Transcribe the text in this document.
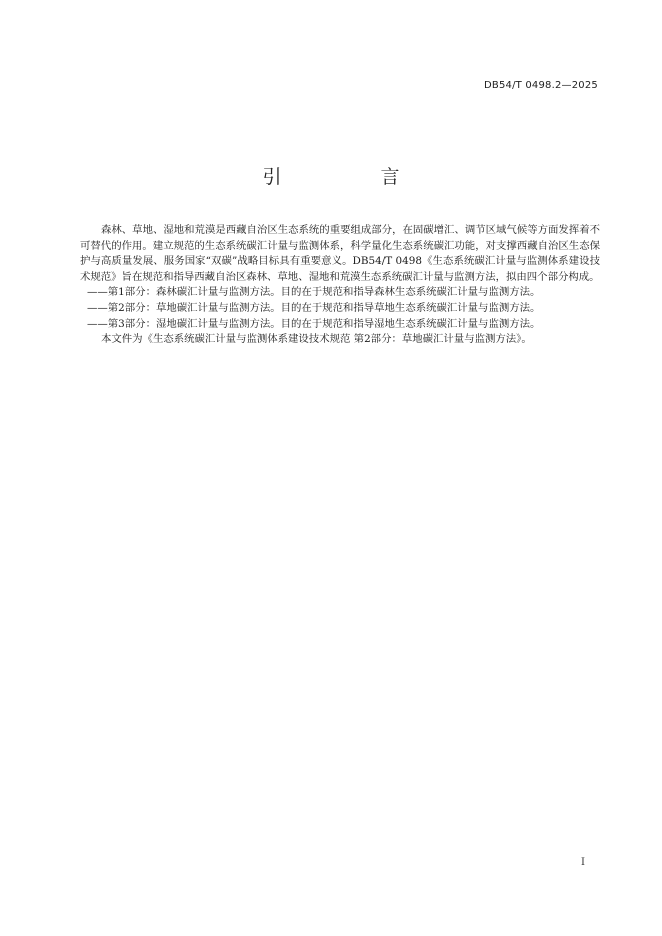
DB54/T 0498.2—2025
引　言

森林、草地、湿地和荒漠是西藏自治区生态系统的重要组成部分，在固碳增汇、调节区域气候等方面发挥着不可替代的作用。建立规范的生态系统碳汇计量与监测体系，科学量化生态系统碳汇功能，对支撑西藏自治区生态保护与高质量发展、服务国家“双碳”战略目标具有重要意义。DB54/T 0498《生态系统碳汇计量与监测体系建设技术规范》旨在规范和指导西藏自治区森林、草地、湿地和荒漠生态系统碳汇计量与监测方法，拟由四个部分构成。

——第1部分：森林碳汇计量与监测方法。目的在于规范和指导森林生态系统碳汇计量与监测方法。

——第2部分：草地碳汇计量与监测方法。目的在于规范和指导草地生态系统碳汇计量与监测方法。

——第3部分：湿地碳汇计量与监测方法。目的在于规范和指导湿地生态系统碳汇计量与监测方法。

本文件为《生态系统碳汇计量与监测体系建设技术规范 第2部分：草地碳汇计量与监测方法》。

I
